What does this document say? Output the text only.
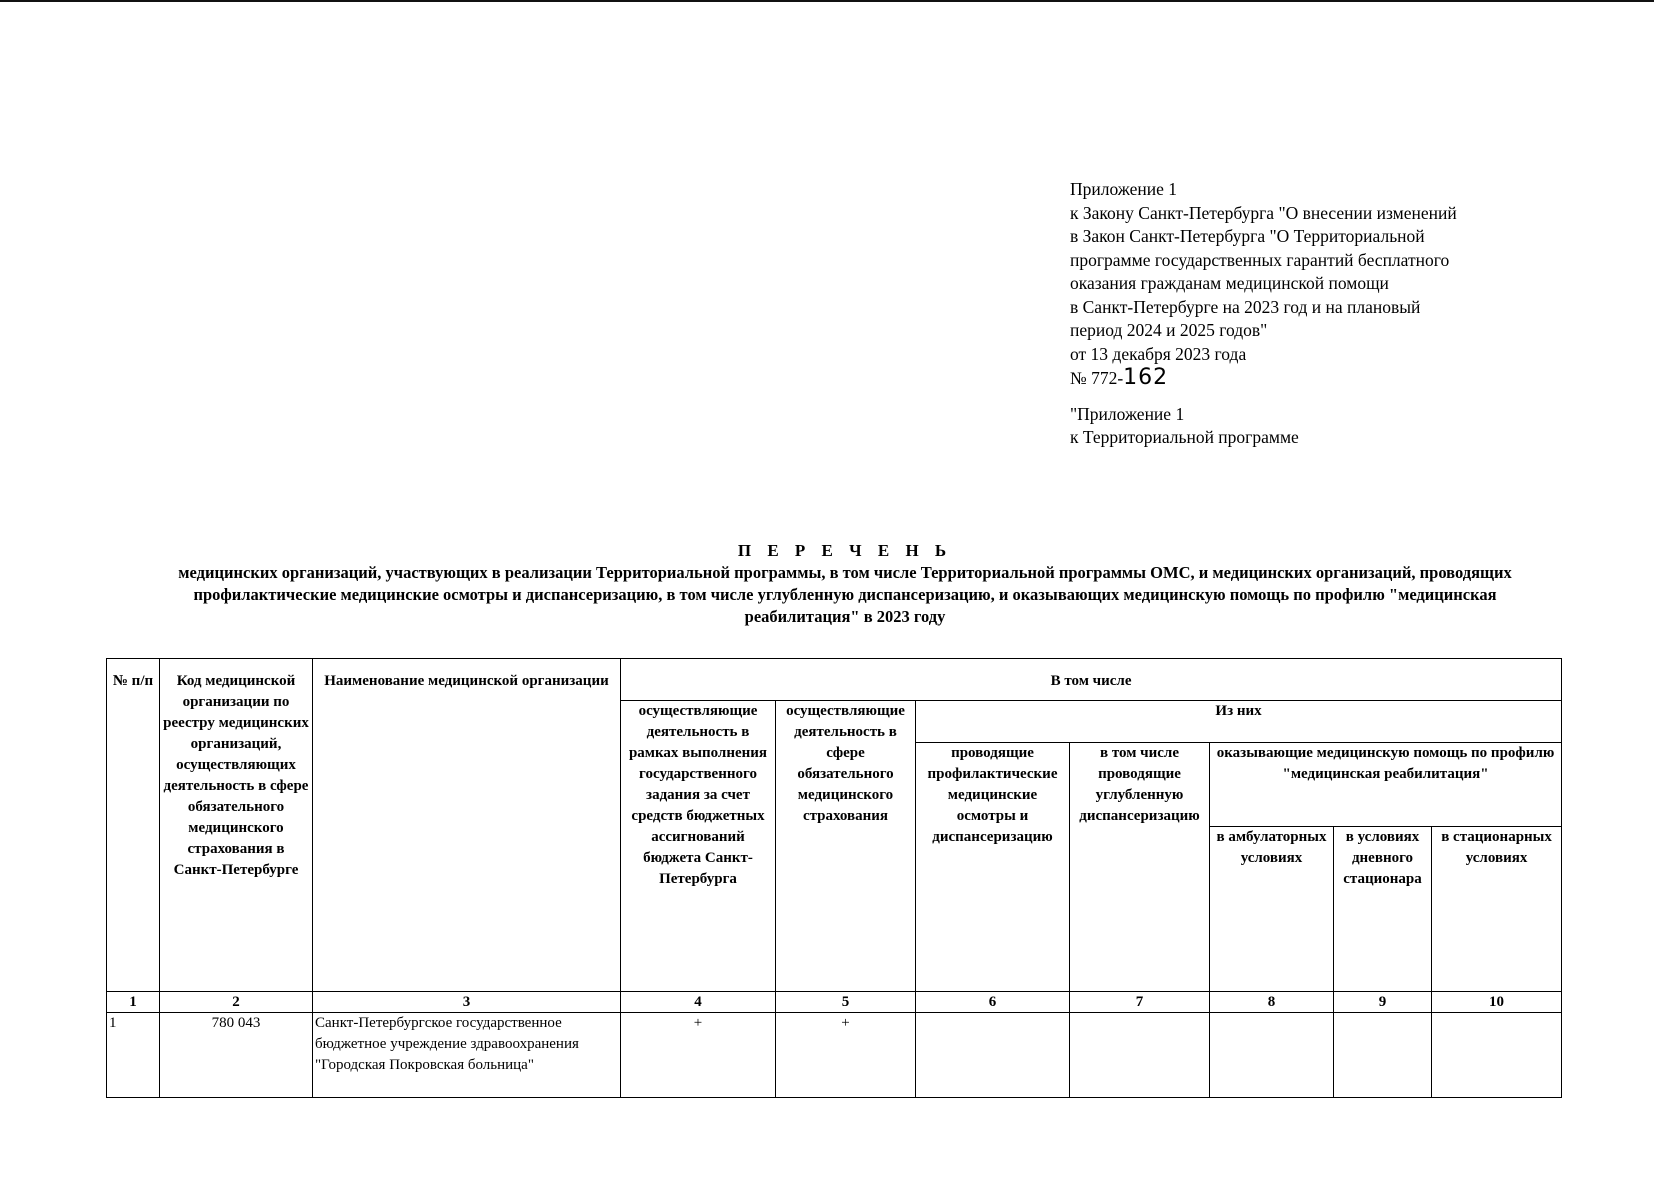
Приложение 1
к Закону Санкт-Петербурга "О внесении изменений
в Закон Санкт-Петербурга "О Территориальной
программе государственных гарантий бесплатного
оказания гражданам медицинской помощи
в Санкт-Петербурге на 2023 год и на плановый
период 2024 и 2025 годов"
от 13 декабря 2023 года
№ 772-162
"Приложение 1
к Территориальной программе
П Е Р Е Ч Е Н Ь
медицинских организаций, участвующих в реализации Территориальной программы, в том числе Территориальной программы ОМС, и медицинских организаций, проводящих профилактические медицинские осмотры и диспансеризацию, в том числе углубленную диспансеризацию, и оказывающих медицинскую помощь по профилю "медицинская реабилитация" в 2023 году
№ п/п	Код медицинской организации по реестру медицинских организаций, осуществляющих деятельность в сфере обязательного медицинского страхования в Санкт-Петербурге	Наименование медицинской организации	В том числе						
			осуществляющие деятельность в рамках выполнения государственного задания за счет средств бюджетных ассигнований бюджета Санкт-Петербурга	осуществляющие деятельность в сфере обязательного медицинского страхования	Из них				
					проводящие профилактические медицинские осмотры и диспансеризацию	в том числе проводящие углубленную диспансеризацию	оказывающие медицинскую помощь по профилю "медицинская реабилитация"		
							в амбулаторных условиях	в условиях дневного стационара	в стационарных условиях
1	2	3	4	5	6	7	8	9	10
1	780 043	Санкт-Петербургское государственное бюджетное учреждение здравоохранения "Городская Покровская больница"	+	+					
